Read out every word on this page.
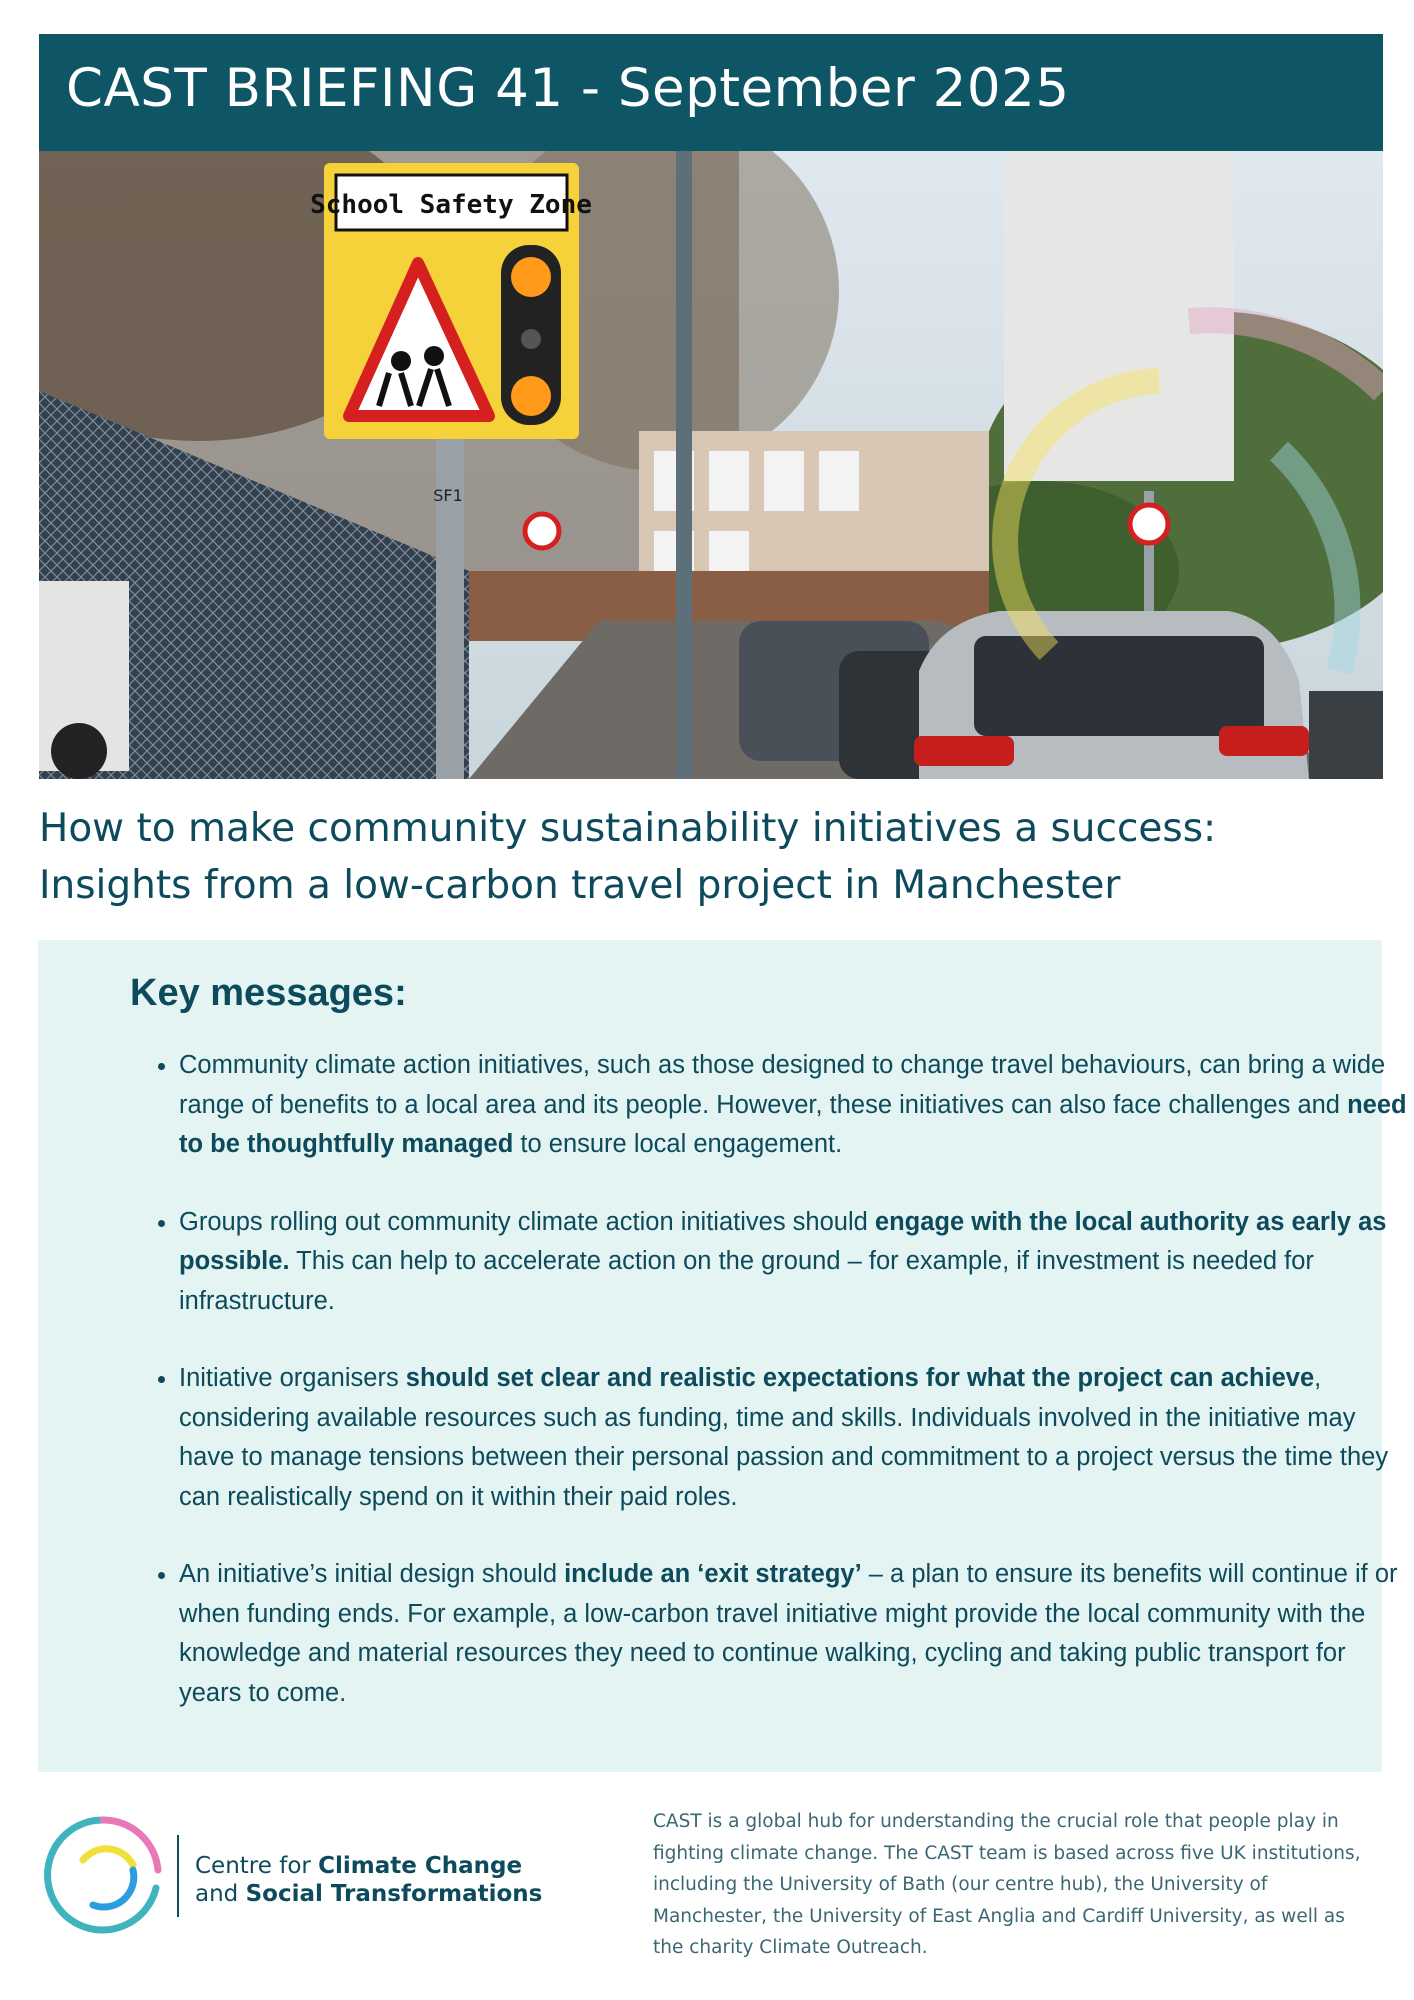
CAST BRIEFING 41 - September 2025
School Safety Zone
SF1
How to make community sustainability initiatives a success:
Insights from a low-carbon travel project in Manchester
Key messages:
• Community climate action initiatives, such as those designed to change travel behaviours, can bring a wide range of benefits to a local area and its people. However, these initiatives can also face challenges and need to be thoughtfully managed to ensure local engagement.
• Groups rolling out community climate action initiatives should engage with the local authority as early as possible. This can help to accelerate action on the ground – for example, if investment is needed for infrastructure.
• Initiative organisers should set clear and realistic expectations for what the project can achieve, considering available resources such as funding, time and skills. Individuals involved in the initiative may have to manage tensions between their personal passion and commitment to a project versus the time they can realistically spend on it within their paid roles.
• An initiative’s initial design should include an ‘exit strategy’ – a plan to ensure its benefits will continue if or when funding ends. For example, a low-carbon travel initiative might provide the local community with the knowledge and material resources they need to continue walking, cycling and taking public transport for years to come.
Centre for Climate Change
and Social Transformations

CAST is a global hub for understanding the crucial role that people play in fighting climate change. The CAST team is based across five UK institutions, including the University of Bath (our centre hub), the University of Manchester, the University of East Anglia and Cardiff University, as well as the charity Climate Outreach.
